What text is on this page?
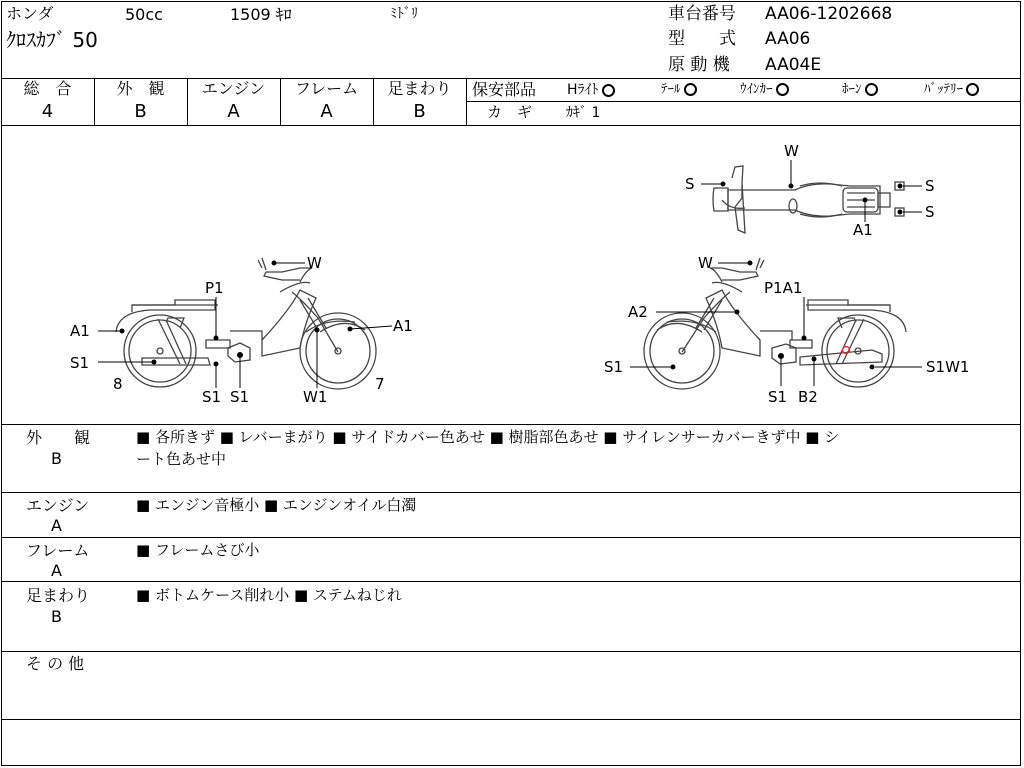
ホンダ	50cc	1509 ｷﾛ	ﾐﾄﾞﾘ
ｸﾛｽｶﾌﾞ 50
車台番号 AA06-1202668
型　　式 AA06
原 動 機 AA04E
総　合
4
外　観
B
エンジン
A
フレーム
A
足まわり
B
保安部品 Hﾗｲﾄ	ﾃｰﾙ	ｳｲﾝｶｰ	ﾎｰﾝ	ﾊﾞｯﾃﾘｰ
カ　ギ ｶｷﾞ 1
W
S	S
S
A1
W
P1
A1	A1
S1
8	7
S1 S1	W1
W
P1A1
A2
S1	S1W1
S1 B2
外　　観
B
■ 各所きず ■ レバーまがり ■ サイドカバー色あせ ■ 樹脂部色あせ ■ サイレンサーカバーきず中 ■ シ
ート色あせ中
エンジン
A
■ エンジン音極小 ■ エンジンオイル白濁
フレーム
A
■ フレームさび小
足まわり
B
■ ボトムケース削れ小 ■ ステムねじれ
そ の 他
